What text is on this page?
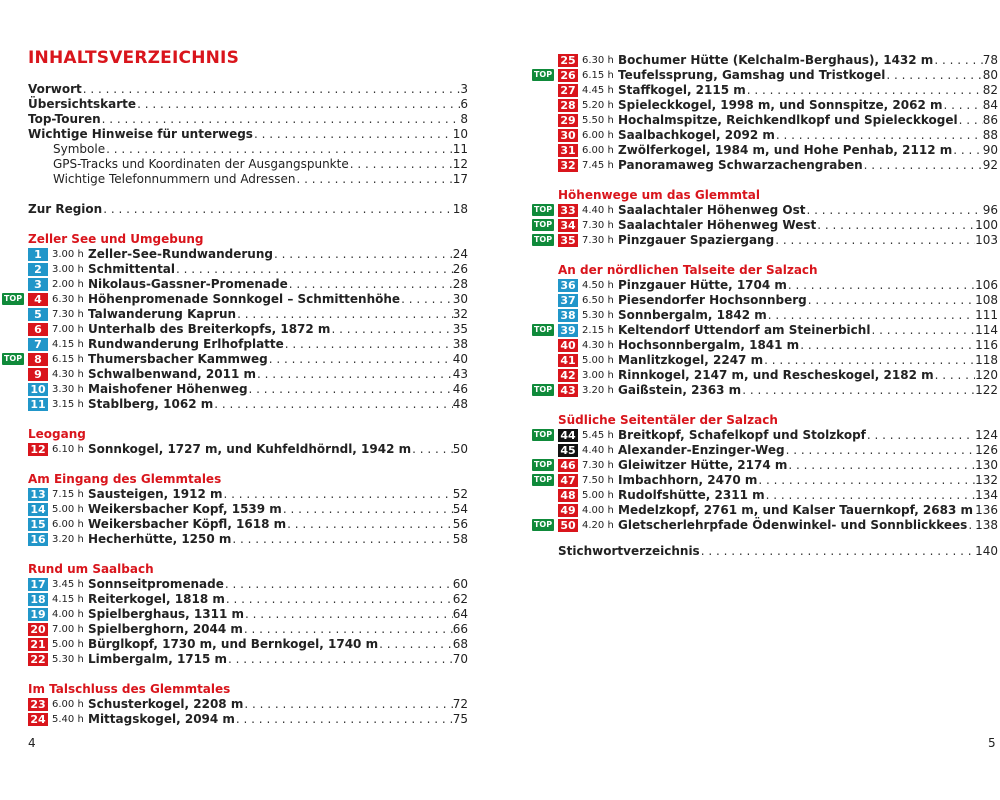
INHALTSVERZEICHNIS
Vorwort . . .	3
Übersichtskarte . . .	6
Top-Touren . . .	8
Wichtige Hinweise für unterwegs . . .	10
Symbole . . .	11
GPS-Tracks und Koordinaten der Ausgangspunkte . . .	12
Wichtige Telefonnummern und Adressen . . .	17
Zur Region . . .	18
Zeller See und Umgebung
1	3.00 h Zeller-See-Rundwanderung . . .	24
2	3.00 h Schmittental . . .	26
3	2.00 h Nikolaus-Gassner-Promenade . . .	28
TOP	4	6.30 h Höhenpromenade Sonnkogel – Schmittenhöhe . . .	30
5	7.30 h Talwanderung Kaprun . . .	32
6	7.00 h Unterhalb des Breiterkopfs, 1872 m . . .	35
7	4.15 h Rundwanderung Erlhofplatte . . .	38
TOP	8	6.15 h Thumersbacher Kammweg . . .	40
9	4.30 h Schwalbenwand, 2011 m . . .	43
10 3.30 h Maishofener Höhenweg . . .	46
11 3.15 h Stablberg, 1062 m . . .	48
Leogang
12 6.10 h Sonnkogel, 1727 m, und Kuhfeldhörndl, 1942 m . . .	50
Am Eingang des Glemmtales
13 7.15 h Sausteigen, 1912 m . . .	52
14 5.00 h Weikersbacher Kopf, 1539 m . . .	54
15 6.00 h Weikersbacher Köpfl, 1618 m . . .	56
16 3.20 h Hecherhütte, 1250 m . . .	58
Rund um Saalbach
17 3.45 h Sonnseitpromenade . . .	60
18 4.15 h Reiterkogel, 1818 m . . .	62
19 4.00 h Spielberghaus, 1311 m . . .	64
20 7.00 h Spielberghorn, 2044 m . . .	66
21 5.00 h Bürglkopf, 1730 m, und Bernkogel, 1740 m . . .	68
22 5.30 h Limbergalm, 1715 m . . .	70
Im Talschluss des Glemmtales
23 6.00 h Schusterkogel, 2208 m . . .	72
24 5.40 h Mittagskogel, 2094 m . . .	75
4
25 6.30 h Bochumer Hütte (Kelchalm-Berghaus), 1432 m . . .	78
TOP 26 6.15 h Teufelssprung, Gamshag und Tristkogel . . .	80
27 4.45 h Staffkogel, 2115 m . . .	82
28 5.20 h Spieleckkogel, 1998 m, und Sonnspitze, 2062 m . . .	84
29 5.50 h Hochalmspitze, Reichkendlkopf und Spieleckkogel . . . 86
30 6.00 h Saalbachkogel, 2092 m . . .	88
31 6.00 h Zwölferkogel, 1984 m, und Hohe Penhab, 2112 m . . .	90
32 7.45 h Panoramaweg Schwarzachengraben . . .	92
Höhenwege um das Glemmtal
TOP 33 4.40 h Saalachtaler Höhenweg Ost . . .	96
TOP 34 7.30 h Saalachtaler Höhenweg West . . .	100
TOP 35 7.30 h Pinzgauer Spaziergang . . .	103
An der nördlichen Talseite der Salzach
36 4.50 h Pinzgauer Hütte, 1704 m . . .	106
37 6.50 h Piesendorfer Hochsonnberg . . .	108
38 5.30 h Sonnbergalm, 1842 m . . .	111
TOP 39 2.15 h Keltendorf Uttendorf am Steinerbichl . . .	114
40 4.30 h Hochsonnbergalm, 1841 m . . .	116
41 5.00 h Manlitzkogel, 2247 m . . .	118
42 3.00 h Rinnkogel, 2147 m, und Rescheskogel, 2182 m . . .	120
TOP 43 3.20 h Gaißstein, 2363 m . . .	122
Südliche Seitentäler der Salzach
TOP 44 5.45 h Breitkopf, Schafelkopf und Stolzkopf . . .	124
45 4.40 h Alexander-Enzinger-Weg . . .	126
TOP 46 7.30 h Gleiwitzer Hütte, 2174 m . . .	130
TOP 47 7.50 h Imbachhorn, 2470 m . . .	132
48 5.00 h Rudolfshütte, 2311 m . . .	134
49 4.00 h Medelzkopf, 2761 m, und Kalser Tauernkopf, 2683 m . . . 136
TOP 50 4.20 h Gletscherlehrpfade Ödenwinkel- und Sonnblickkees . . . 138
Stichwortverzeichnis . . .	140
5
